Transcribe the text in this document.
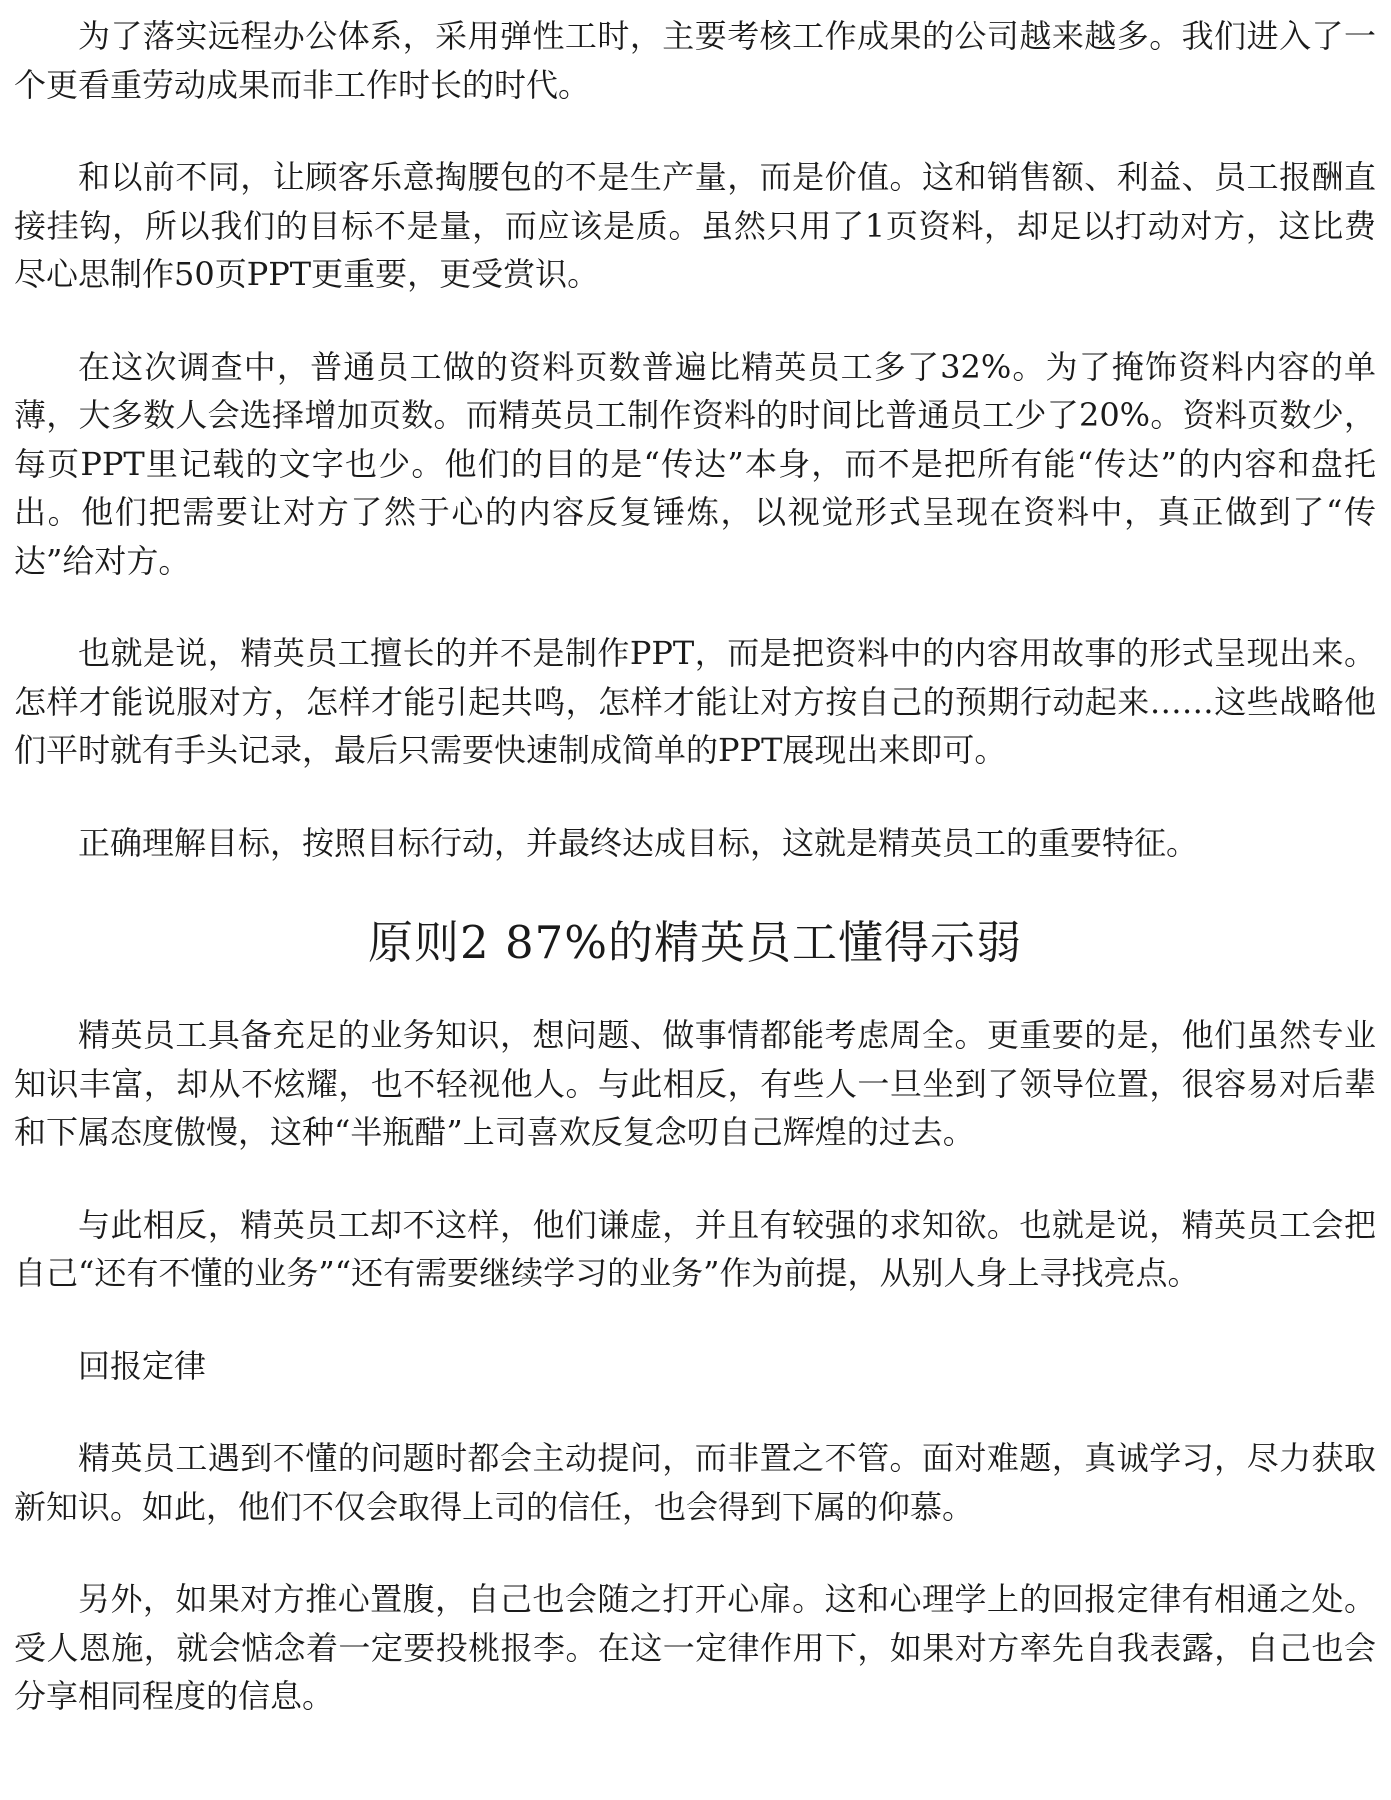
为了落实远程办公体系，采用弹性工时，主要考核工作成果的公司越来越多。我们进入了一个更看重劳动成果而非工作时长的时代。

和以前不同，让顾客乐意掏腰包的不是生产量，而是价值。这和销售额、利益、员工报酬直接挂钩，所以我们的目标不是量，而应该是质。虽然只用了1页资料，却足以打动对方，这比费尽心思制作50页PPT更重要，更受赏识。

在这次调查中，普通员工做的资料页数普遍比精英员工多了32%。为了掩饰资料内容的单薄，大多数人会选择增加页数。而精英员工制作资料的时间比普通员工少了20%。资料页数少，每页PPT里记载的文字也少。他们的目的是“传达”本身，而不是把所有能“传达”的内容和盘托出。他们把需要让对方了然于心的内容反复锤炼，以视觉形式呈现在资料中，真正做到了“传达”给对方。

也就是说，精英员工擅长的并不是制作PPT，而是把资料中的内容用故事的形式呈现出来。怎样才能说服对方，怎样才能引起共鸣，怎样才能让对方按自己的预期行动起来……这些战略他们平时就有手头记录，最后只需要快速制成简单的PPT展现出来即可。

正确理解目标，按照目标行动，并最终达成目标，这就是精英员工的重要特征。

原则2 87%的精英员工懂得示弱

精英员工具备充足的业务知识，想问题、做事情都能考虑周全。更重要的是，他们虽然专业知识丰富，却从不炫耀，也不轻视他人。与此相反，有些人一旦坐到了领导位置，很容易对后辈和下属态度傲慢，这种“半瓶醋”上司喜欢反复念叨自己辉煌的过去。

与此相反，精英员工却不这样，他们谦虚，并且有较强的求知欲。也就是说，精英员工会把自己“还有不懂的业务”“还有需要继续学习的业务”作为前提，从别人身上寻找亮点。

回报定律

精英员工遇到不懂的问题时都会主动提问，而非置之不管。面对难题，真诚学习，尽力获取新知识。如此，他们不仅会取得上司的信任，也会得到下属的仰慕。

另外，如果对方推心置腹，自己也会随之打开心扉。这和心理学上的回报定律有相通之处。受人恩施，就会惦念着一定要投桃报李。在这一定律作用下，如果对方率先自我表露，自己也会分享相同程度的信息。
